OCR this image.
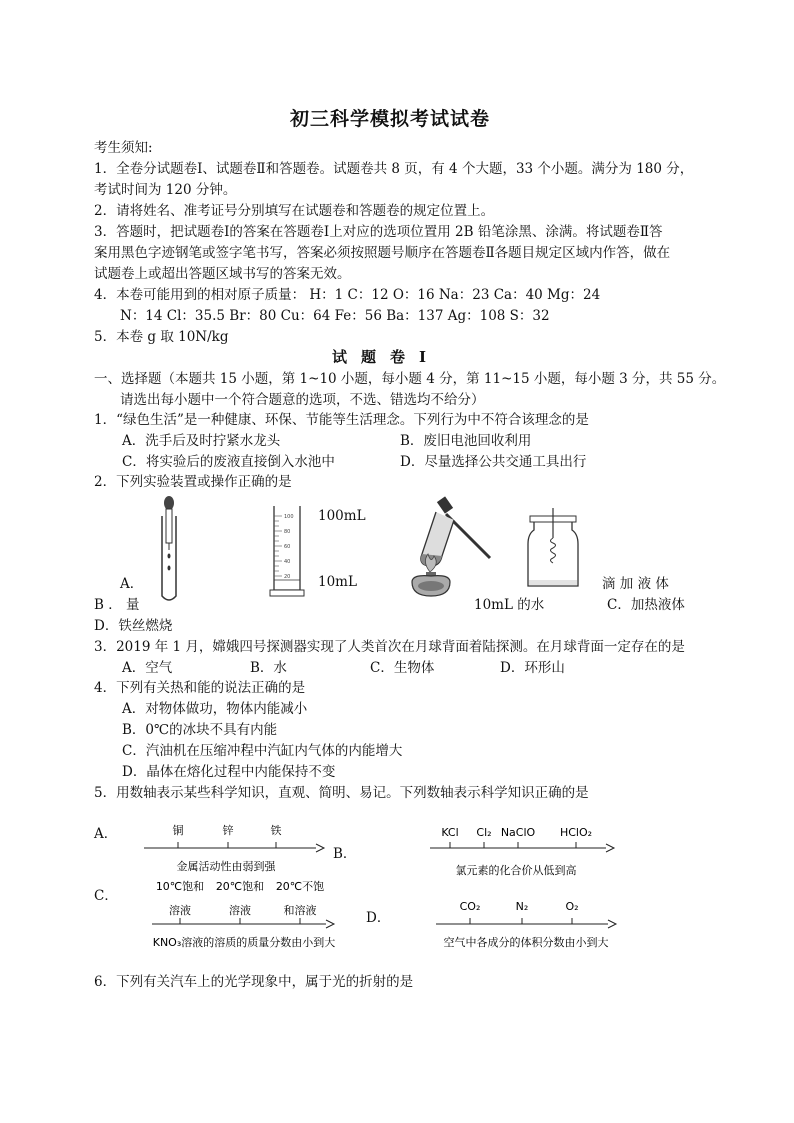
初三科学模拟考试试卷
考生须知:
1．全卷分试题卷Ⅰ、试题卷Ⅱ和答题卷。试题卷共 8 页，有 4 个大题，33 个小题。满分为 180 分，
考试时间为 120 分钟。
2．请将姓名、准考证号分别填写在试题卷和答题卷的规定位置上。
3．答题时，把试题卷Ⅰ的答案在答题卷Ⅰ上对应的选项位置用 2B 铅笔涂黑、涂满。将试题卷Ⅱ答
案用黑色字迹钢笔或签字笔书写，答案必须按照题号顺序在答题卷Ⅱ各题目规定区域内作答，做在
试题卷上或超出答题区域书写的答案无效。
4．本卷可能用到的相对原子质量： H：1 C：12 O：16 Na：23 Ca：40 Mg：24
N：14 Cl：35.5 Br：80 Cu：64 Fe：56 Ba：137 Ag：108 S：32
5．本卷 g 取 10N/kg
试题卷Ⅰ
一、选择题（本题共 15 小题，第 1~10 小题，每小题 4 分，第 11~15 小题，每小题 3 分，共 55 分。
请选出每小题中一个符合题意的选项，不选、错选均不给分）
1．“绿色生活”是一种健康、环保、节能等生活理念。下列行为中不符合该理念的是
A．洗手后及时拧紧水龙头	B．废旧电池回收利用
C．将实验后的废液直接倒入水池中	D．尽量选择公共交通工具出行
2．下列实验装置或操作正确的是
100
80
60
40
20
100mL
10mL
A．	滴 加 液 体
B ． 量	10mL 的水	C．加热液体
D．铁丝燃烧
3．2019 年 1 月，嫦娥四号探测器实现了人类首次在月球背面着陆探测。在月球背面一定存在的是
A．空气	B．水	C．生物体	D．环形山
4．下列有关热和能的说法正确的是
A．对物体做功，物体内能减小
B．0℃的冰块不具有内能
C．汽油机在压缩冲程中汽缸内气体的内能增大
D．晶体在熔化过程中内能保持不变
5．用数轴表示某些科学知识，直观、简明、易记。下列数轴表示科学知识正确的是
A．	铜	锌	铁
金属活动性由弱到强
B．
KCl Cl₂ NaClO HClO₂
氯元素的化合价从低到高
C．
10℃饱和 20℃饱和 20℃不饱
溶液	溶液	和溶液
KNO₃溶液的溶质的质量分数由小到大
D．
CO₂	N₂	O₂
空气中各成分的体积分数由小到大
6．下列有关汽车上的光学现象中，属于光的折射的是
